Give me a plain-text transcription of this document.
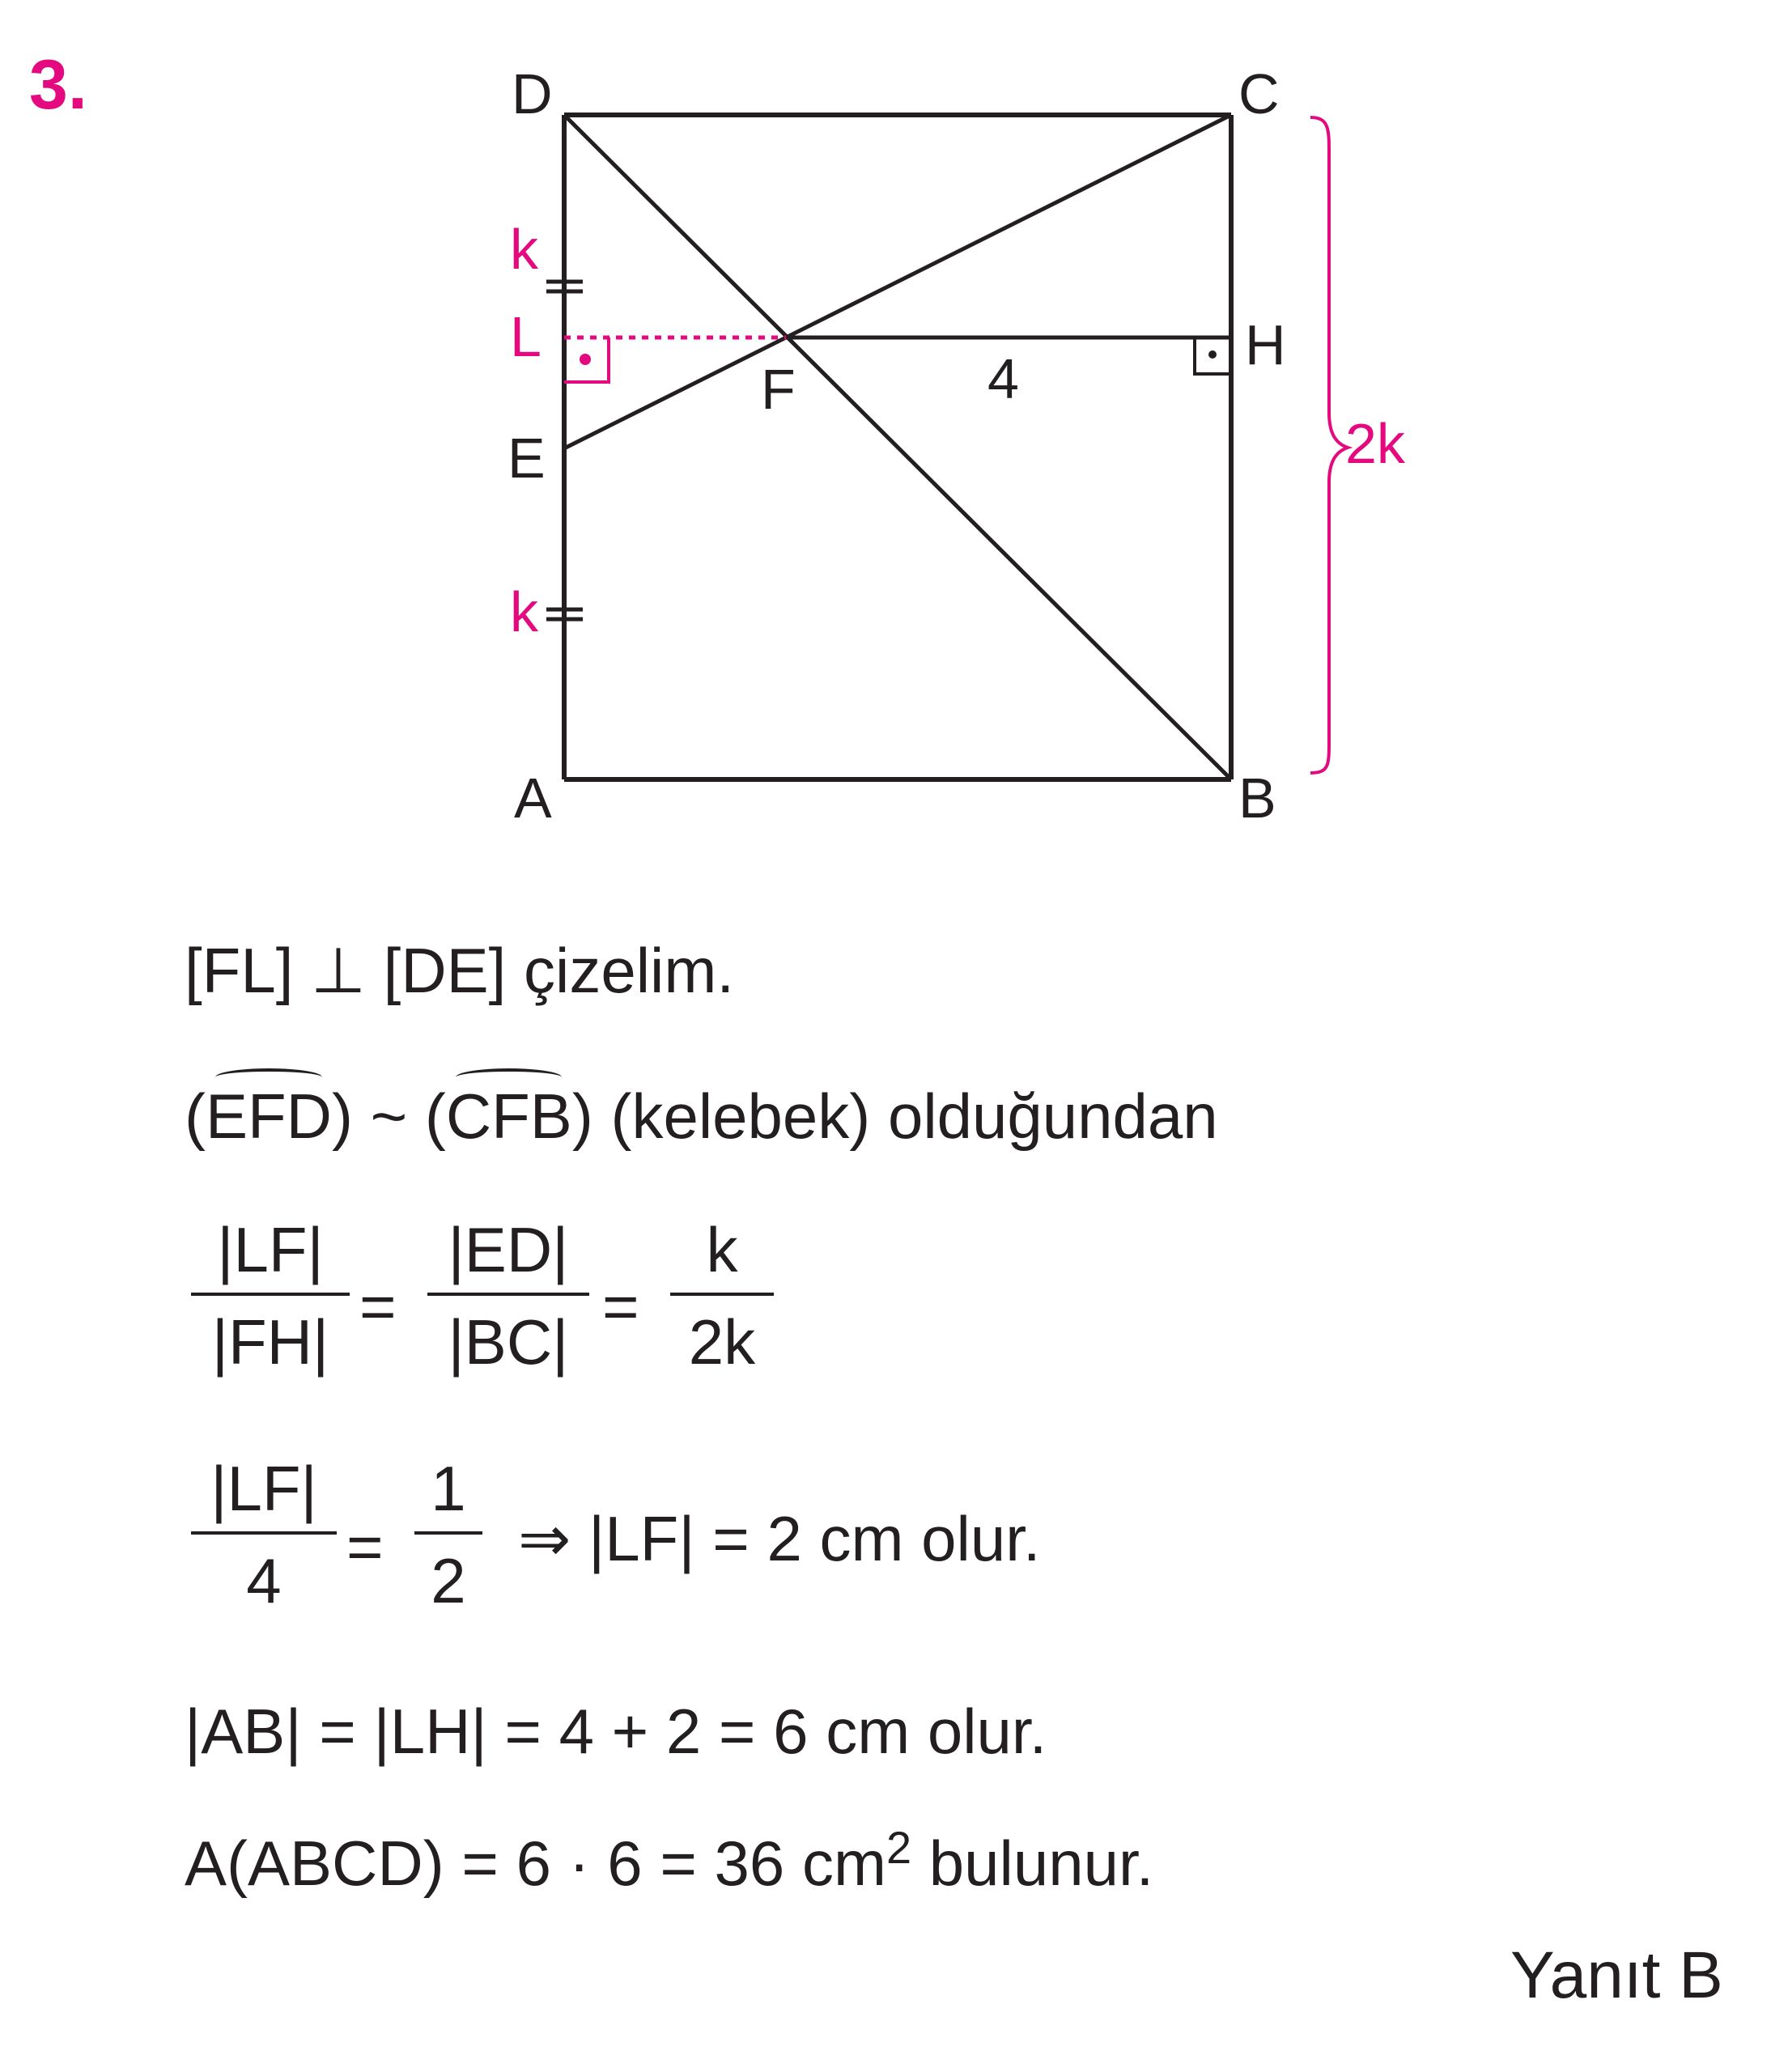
3.	D	C
A	B
E
F
H
4
L
k
k
2k
[FL] ⊥ [DE] çizelim.
(EFD) ~ (CFB) (kelebek) olduğundan
|LF|
|FH| =
|ED|
|BC| =
k
2k
|LF|
4	=
1
2
⇒ |LF| = 2 cm olur.
|AB| = |LH| = 4 + 2 = 6 cm olur.
A(ABCD) = 6 · 6 = 36 $cm^2$ bulunur.
Yanıt B
